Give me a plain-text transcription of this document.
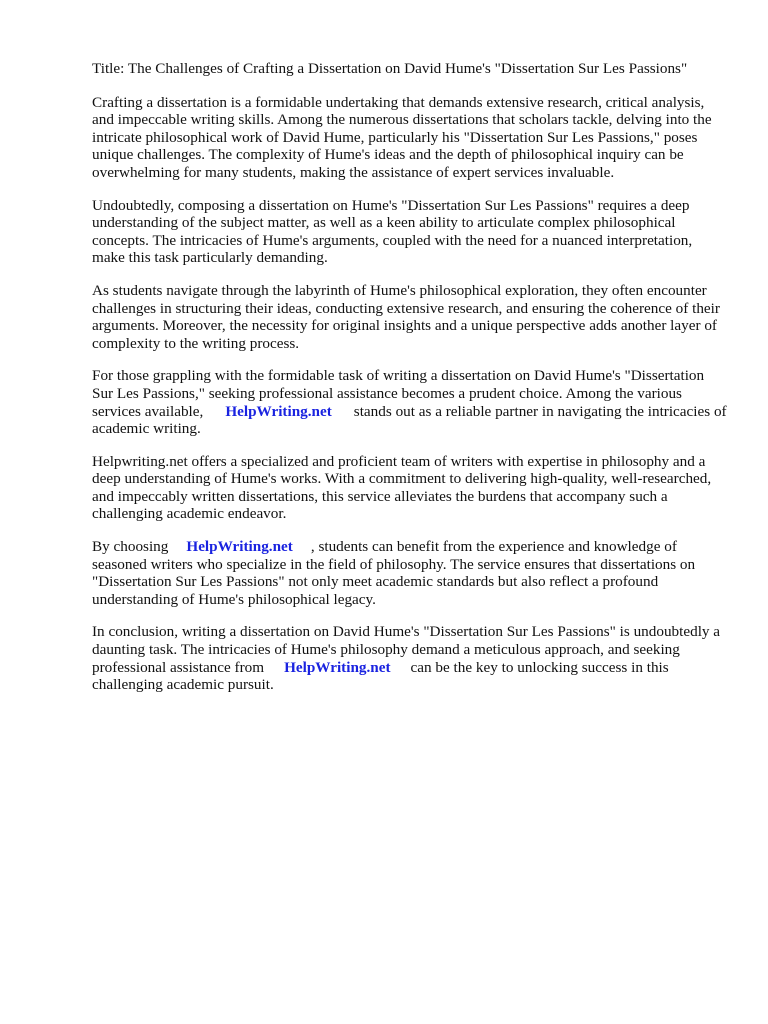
Title: The Challenges of Crafting a Dissertation on David Hume's "Dissertation Sur Les Passions"

Crafting a dissertation is a formidable undertaking that demands extensive research, critical analysis, and impeccable writing skills. Among the numerous dissertations that scholars tackle, delving into the intricate philosophical work of David Hume, particularly his "Dissertation Sur Les Passions," poses unique challenges. The complexity of Hume's ideas and the depth of philosophical inquiry can be overwhelming for many students, making the assistance of expert services invaluable.

Undoubtedly, composing a dissertation on Hume's "Dissertation Sur Les Passions" requires a deep understanding of the subject matter, as well as a keen ability to articulate complex philosophical concepts. The intricacies of Hume's arguments, coupled with the need for a nuanced interpretation, make this task particularly demanding.

As students navigate through the labyrinth of Hume's philosophical exploration, they often encounter challenges in structuring their ideas, conducting extensive research, and ensuring the coherence of their arguments. Moreover, the necessity for original insights and a unique perspective adds another layer of complexity to the writing process.

For those grappling with the formidable task of writing a dissertation on David Hume's "Dissertation Sur Les Passions," seeking professional assistance becomes a prudent choice. Among the various services available, HelpWriting.net stands out as a reliable partner in navigating the intricacies of academic writing.

Helpwriting.net offers a specialized and proficient team of writers with expertise in philosophy and a deep understanding of Hume's works. With a commitment to delivering high-quality, well-researched, and impeccably written dissertations, this service alleviates the burdens that accompany such a challenging academic endeavor.

By choosing HelpWriting.net , students can benefit from the experience and knowledge of seasoned writers who specialize in the field of philosophy. The service ensures that dissertations on "Dissertation Sur Les Passions" not only meet academic standards but also reflect a profound understanding of Hume's philosophical legacy.

In conclusion, writing a dissertation on David Hume's "Dissertation Sur Les Passions" is undoubtedly a daunting task. The intricacies of Hume's philosophy demand a meticulous approach, and seeking professional assistance from HelpWriting.net can be the key to unlocking success in this challenging academic pursuit.
